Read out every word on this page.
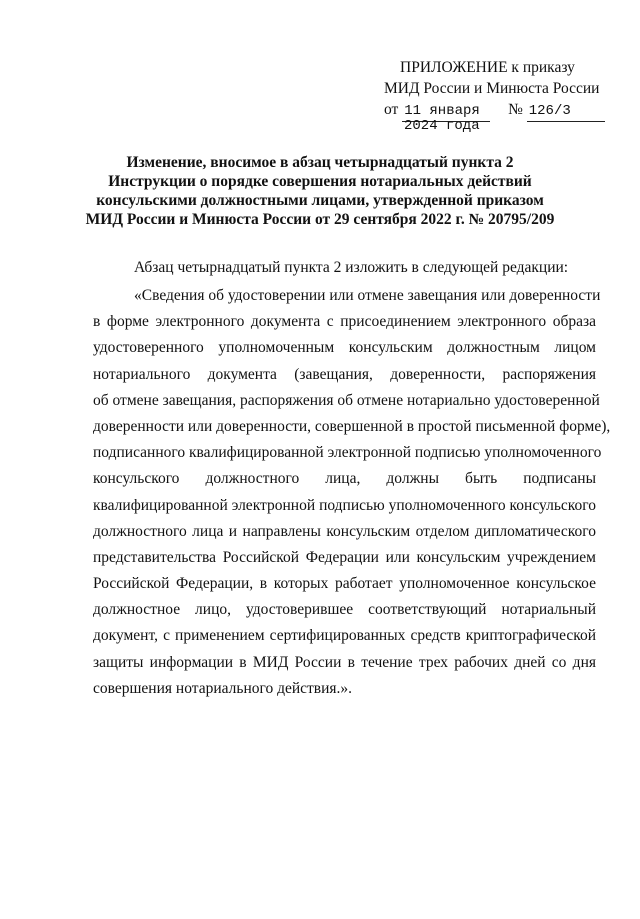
ПРИЛОЖЕНИЕ к приказу
МИД России и Минюста России
от 11 января № 126/3
2024 года
Изменение, вносимое в абзац четырнадцатый пункта 2
Инструкции о порядке совершения нотариальных действий
консульскими должностными лицами, утвержденной приказом
МИД России и Минюста России от 29 сентября 2022 г. № 20795/209
Абзац четырнадцатый пункта 2 изложить в следующей редакции:
«Сведения об удостоверении или отмене завещания или доверенности
в форме электронного документа с присоединением электронного образа
удостоверенного уполномоченным консульским должностным лицом
нотариального документа (завещания, доверенности, распоряжения
об отмене завещания, распоряжения об отмене нотариально удостоверенной
доверенности или доверенности, совершенной в простой письменной форме),
подписанного квалифицированной электронной подписью уполномоченного
консульского должностного лица, должны быть подписаны
квалифицированной электронной подписью уполномоченного консульского
должностного лица и направлены консульским отделом дипломатического
представительства Российской Федерации или консульским учреждением
Российской Федерации, в которых работает уполномоченное консульское
должностное лицо, удостоверившее соответствующий нотариальный
документ, с применением сертифицированных средств криптографической
защиты информации в МИД России в течение трех рабочих дней со дня
совершения нотариального действия.».
